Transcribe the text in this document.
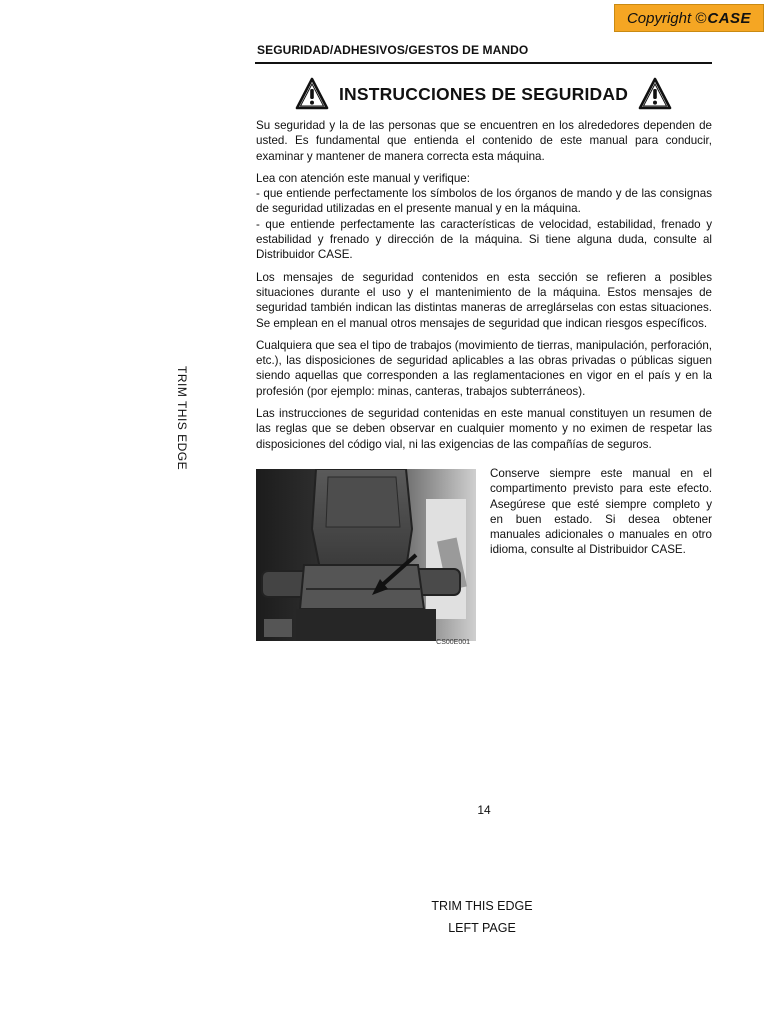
Copyright © CASE
SEGURIDAD/ADHESIVOS/GESTOS DE MANDO
INSTRUCCIONES DE SEGURIDAD

Su seguridad y la de las personas que se encuentren en los alrededores dependen de usted. Es fundamental que entienda el contenido de este manual para conducir, examinar y mantener de manera correcta esta máquina.

Lea con atención este manual y verifique:

- que entiende perfectamente los símbolos de los órganos de mando y de las consignas de seguridad utilizadas en el presente manual y en la máquina.

- que entiende perfectamente las características de velocidad, estabilidad, frenado y estabilidad y frenado y dirección de la máquina. Si tiene alguna duda, consulte al Distribuidor CASE.

Los mensajes de seguridad contenidos en esta sección se refieren a posibles situaciones durante el uso y el mantenimiento de la máquina. Estos mensajes de seguridad también indican las distintas maneras de arreglárselas con estas situaciones. Se emplean en el manual otros mensajes de seguridad que indican riesgos específicos.

Cualquiera que sea el tipo de trabajos (movimiento de tierras, manipulación, perforación, etc.), las disposiciones de seguridad aplicables a las obras privadas o públicas siguen siendo aquellas que corresponden a las reglamentaciones en vigor en el país y en la profesión (por ejemplo: minas, canteras, trabajos subterráneos).

Las instrucciones de seguridad contenidas en este manual constituyen un resumen de las reglas que se deben observar en cualquier momento y no eximen de respetar las disposiciones del código vial, ni las exigencias de las compañías de seguros.

CS00E001
Conserve siempre este manual en el compartimento previsto para este efecto. Asegúrese que esté siempre completo y en buen estado. Si desea obtener manuales adicionales o manuales en otro idioma, consulte al Distribuidor CASE.
TRIM THIS EDGE
14
TRIM THIS EDGE
LEFT PAGE
